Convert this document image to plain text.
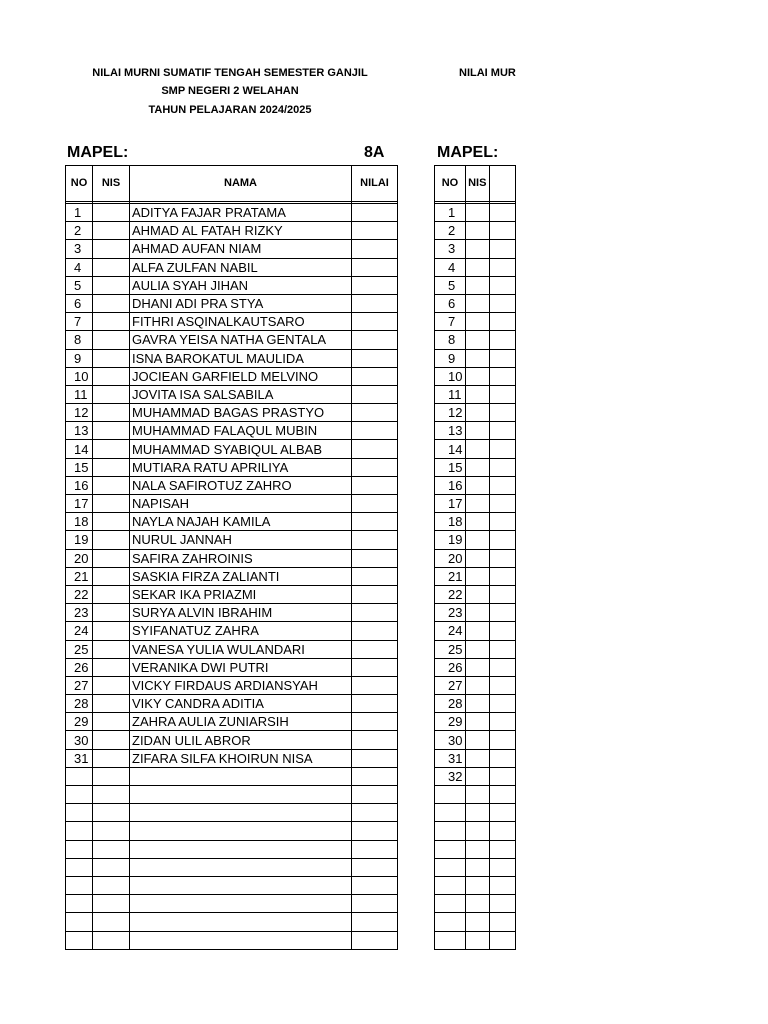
NILAI MURNI SUMATIF TENGAH SEMESTER GANJIL
SMP NEGERI 2 WELAHAN
TAHUN PELAJARAN 2024/2025
MAPEL:	8A
NO	NIS	NAMA	NILAI

1		ADITYA FAJAR PRATAMA	
2		AHMAD AL FATAH RIZKY	
3		AHMAD AUFAN NIAM	
4		ALFA ZULFAN NABIL	
5		AULIA SYAH JIHAN	
6		DHANI ADI PRA STYA	
7		FITHRI ASQINALKAUTSARO	
8		GAVRA YEISA NATHA GENTALA	
9		ISNA BAROKATUL MAULIDA	
10		JOCIEAN GARFIELD MELVINO	
11		JOVITA ISA SALSABILA	
12		MUHAMMAD BAGAS PRASTYO	
13		MUHAMMAD FALAQUL MUBIN	
14		MUHAMMAD SYABIQUL ALBAB	
15		MUTIARA RATU APRILIYA	
16		NALA SAFIROTUZ ZAHRO	
17		NAPISAH	
18		NAYLA NAJAH KAMILA	
19		NURUL JANNAH	
20		SAFIRA ZAHROINIS	
21		SASKIA FIRZA ZALIANTI	
22		SEKAR IKA PRIAZMI	
23		SURYA ALVIN IBRAHIM	
24		SYIFANATUZ ZAHRA	
25		VANESA YULIA WULANDARI	
26		VERANIKA DWI PUTRI	
27		VICKY FIRDAUS ARDIANSYAH	
28		VIKY CANDRA ADITIA	
29		ZAHRA AULIA ZUNIARSIH	
30		ZIDAN ULIL ABROR	
31		ZIFARA SILFA KHOIRUN NISA	

NILAI MUR
MAPEL:
NO	NIS	

1		
2		
3		
4		
5		
6		
7		
8		
9		
10		
11		
12		
13		
14		
15		
16		
17		
18		
19		
20		
21		
22		
23		
24		
25		
26		
27		
28		
29		
30		
31		
32		
